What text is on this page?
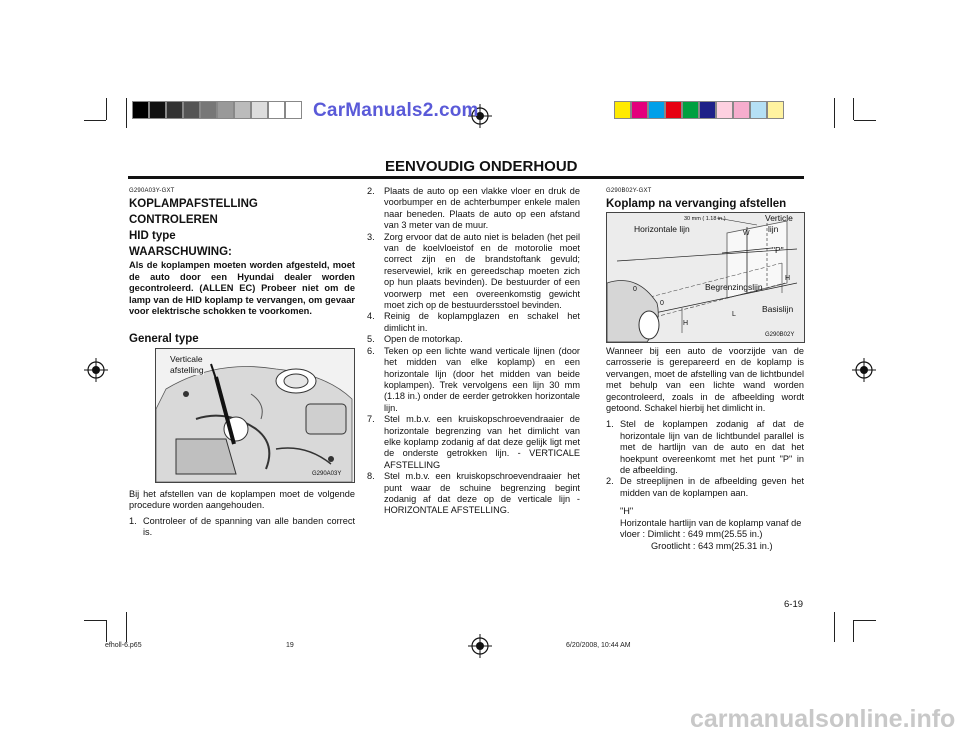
CarManuals2.com
EENVOUDIG ONDERHOUD
G290A03Y-GXT
KOPLAMPAFSTELLING
CONTROLEREN
HID type
WAARSCHUWING:
Als de koplampen moeten worden afgesteld, moet de auto door een Hyundai dealer worden gecontroleerd. (ALLEN EC) Probeer niet om de lamp van de HID koplamp te vervangen, om gevaar voor elektrische schokken te voorkomen.
General type
Verticale
afstelling
G290A03Y
Bij het afstellen van de koplampen moet de volgende procedure worden aangehouden.
1. Controleer of de spanning van alle banden correct is.
2. Plaats de auto op een vlakke vloer en druk de voorbumper en de achterbumper enkele malen naar beneden. Plaats de auto op een afstand van 3 meter van de muur.
3. Zorg ervoor dat de auto niet is beladen (het peil van de koelvloeistof en de motorolie moet correct zijn en de brandstoftank gevuld; reservewiel, krik en gereedschap moeten zich op hun plaats bevinden). De bestuurder of een voorwerp met een overeenkomstig gewicht moet zich op de bestuurdersstoel bevinden.
4. Reinig de koplampglazen en schakel het dimlicht in.
5. Open de motorkap.
6. Teken op een lichte wand verticale lijnen (door het midden van elke koplamp) en een horizontale lijn (door het midden van beide koplampen). Trek vervolgens een lijn 30 mm (1.18 in.) onder de eerder getrokken horizontale lijn.
7. Stel m.b.v. een kruiskopschroevendraaier de horizontale begrenzing van het dimlicht van elke koplamp zodanig af dat deze gelijk ligt met de onderste getrokken lijn. - VERTICALE AFSTELLING
8. Stel m.b.v. een kruiskopschroevendraaier het punt waar de schuine begrenzing begint zodanig af dat deze op de verticale lijn - HORIZONTALE AFSTELLING.
G290B02Y-GXT
Koplamp na vervanging afstellen
30 mm ( 1.18 in.)
Horizontale lijn
Verticle
lijn
"P"
W
H
H
L
0
0
Begrenzingslijn
Basislijn
G290B02Y
Wanneer bij een auto de voorzijde van de carrosserie is gerepareerd en de koplamp is vervangen, moet de afstelling van de lichtbundel met behulp van een lichte wand worden gecontroleerd, zoals in de afbeelding wordt getoond. Schakel hierbij het dimlicht in.
1. Stel de koplampen zodanig af dat de horizontale lijn van de lichtbundel parallel is met de hartlijn van de auto en dat het hoekpunt overeenkomt met het punt "P" in de afbeelding.
2. De streeplijnen in de afbeelding geven het midden van de koplampen aan.
"H"
Horizontale hartlijn van de koplamp vanaf de vloer : Dimlicht : 649 mm(25.55 in.)
Grootlicht : 643 mm(25.31 in.)
6-19
efholl-6.p65	19	6/20/2008, 10:44 AM
carmanualsonline.info
